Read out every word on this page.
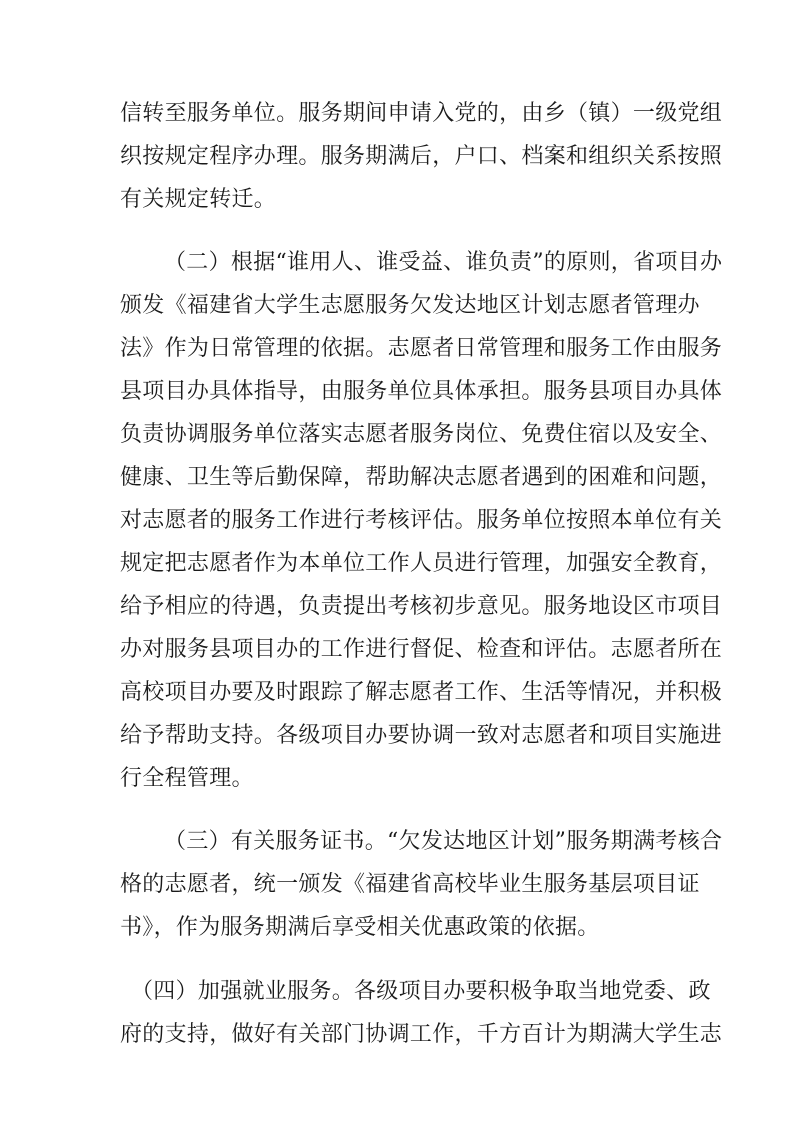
信转至服务单位。服务期间申请入党的，由乡（镇）一级党组
织按规定程序办理。服务期满后，户口、档案和组织关系按照
有关规定转迁。
（二）根据“谁用人、谁受益、谁负责”的原则，省项目办
颁发《福建省大学生志愿服务欠发达地区计划志愿者管理办
法》作为日常管理的依据。志愿者日常管理和服务工作由服务
县项目办具体指导，由服务单位具体承担。服务县项目办具体
负责协调服务单位落实志愿者服务岗位、免费住宿以及安全、
健康、卫生等后勤保障，帮助解决志愿者遇到的困难和问题，
对志愿者的服务工作进行考核评估。服务单位按照本单位有关
规定把志愿者作为本单位工作人员进行管理，加强安全教育，
给予相应的待遇，负责提出考核初步意见。服务地设区市项目
办对服务县项目办的工作进行督促、检查和评估。志愿者所在
高校项目办要及时跟踪了解志愿者工作、生活等情况，并积极
给予帮助支持。各级项目办要协调一致对志愿者和项目实施进
行全程管理。
（三）有关服务证书。“欠发达地区计划”服务期满考核合
格的志愿者，统一颁发《福建省高校毕业生服务基层项目证
书》，作为服务期满后享受相关优惠政策的依据。
（四）加强就业服务。各级项目办要积极争取当地党委、政
府的支持，做好有关部门协调工作，千方百计为期满大学生志
